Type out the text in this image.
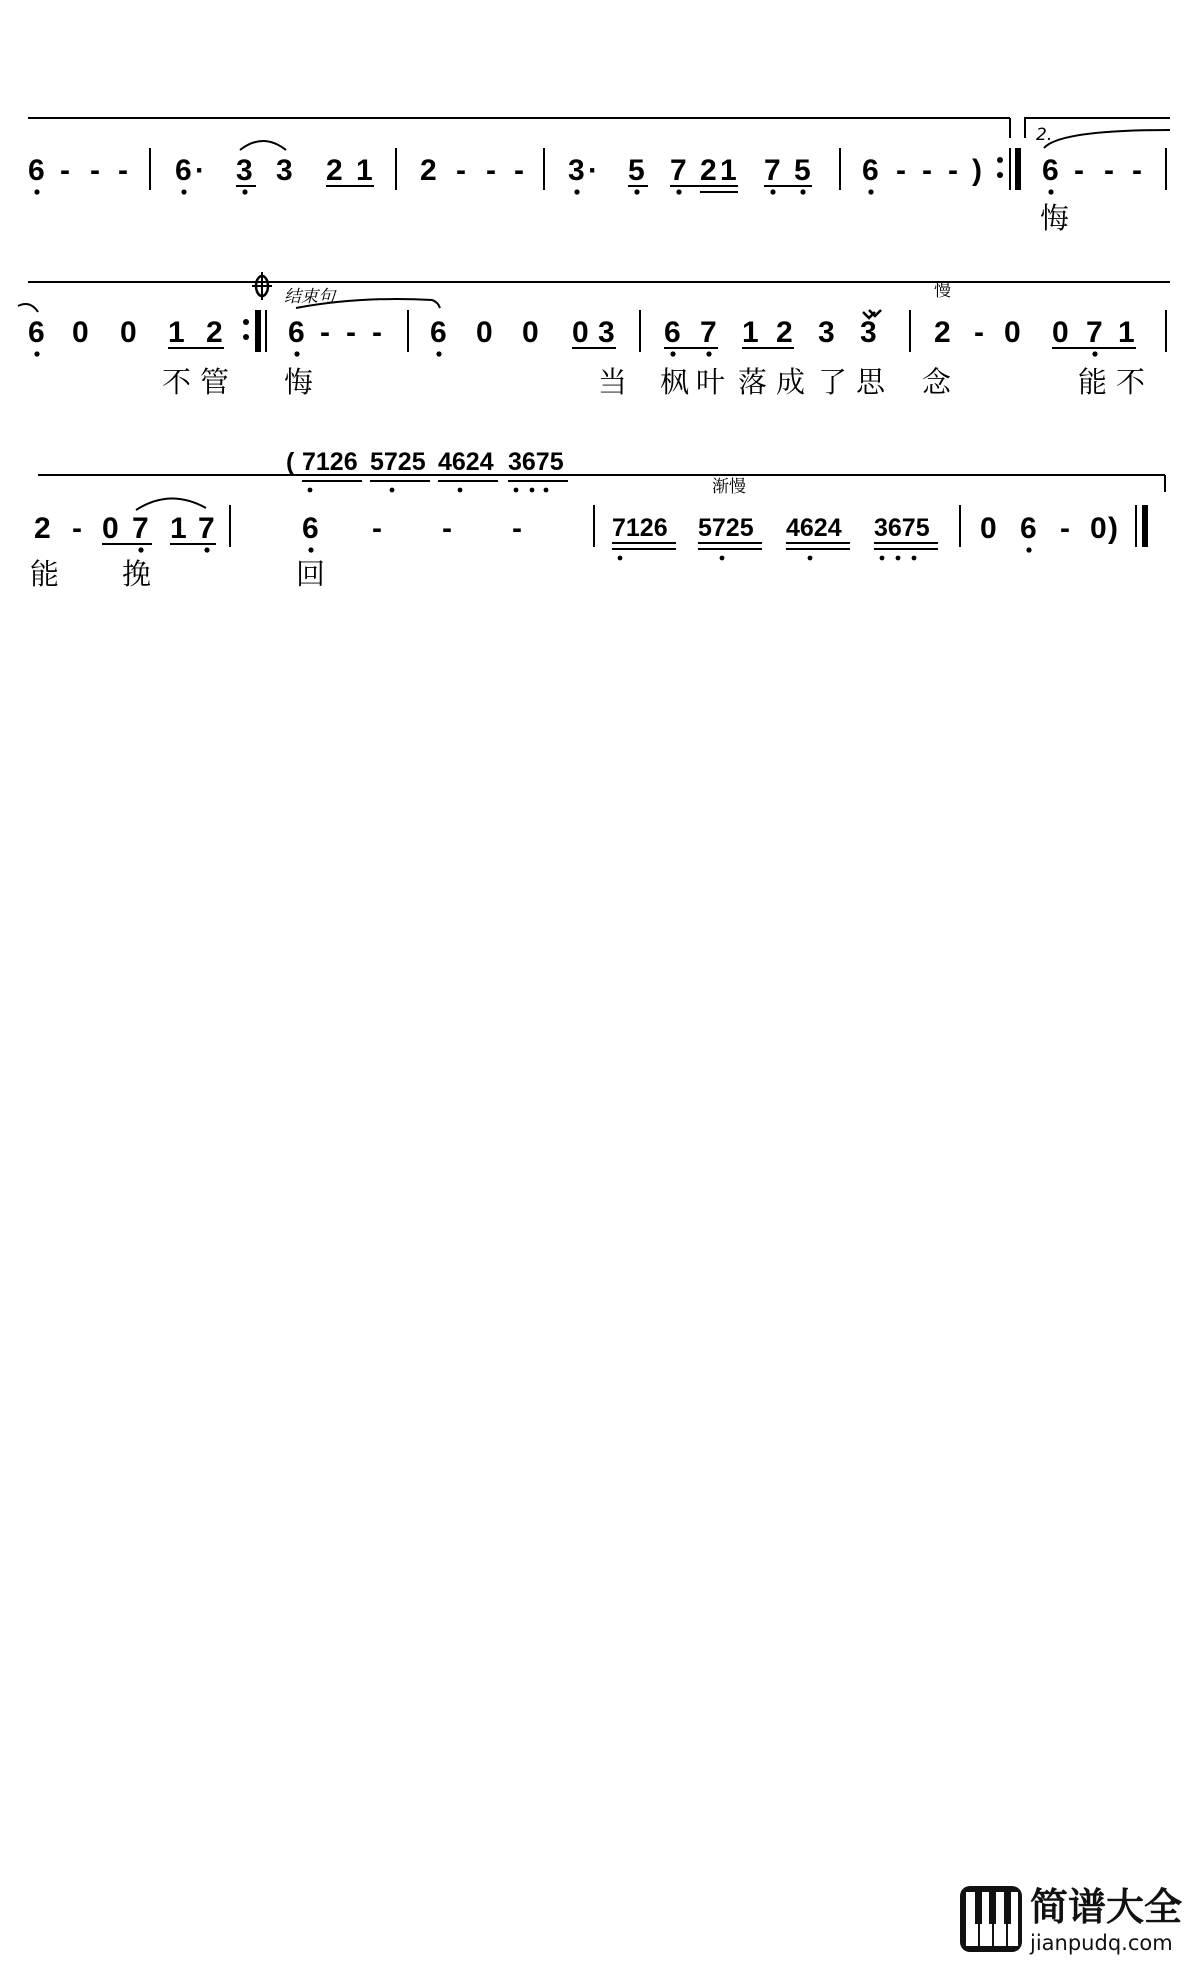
2.
6 - - - 6 · 3 3 2 1 2 - - - 3 · 5 7 2 1 7 5 6 - - - ) 6 - - -
悔
结束句	慢
6 0 0 1 2 6 - - - 6 0 0 0 3 6 7 1 2 3 3 2 - 0 0 7 1
不 管 悔	当 枫 叶 落 成 了 思 念	能 不
( 7126 5725 4624 3675
渐慢
2 - 0 7 1 7	6 - - -	7126 5725 4624 3675 0 6 - 0 )
能 挽	回
简谱大全
jianpudq.com
